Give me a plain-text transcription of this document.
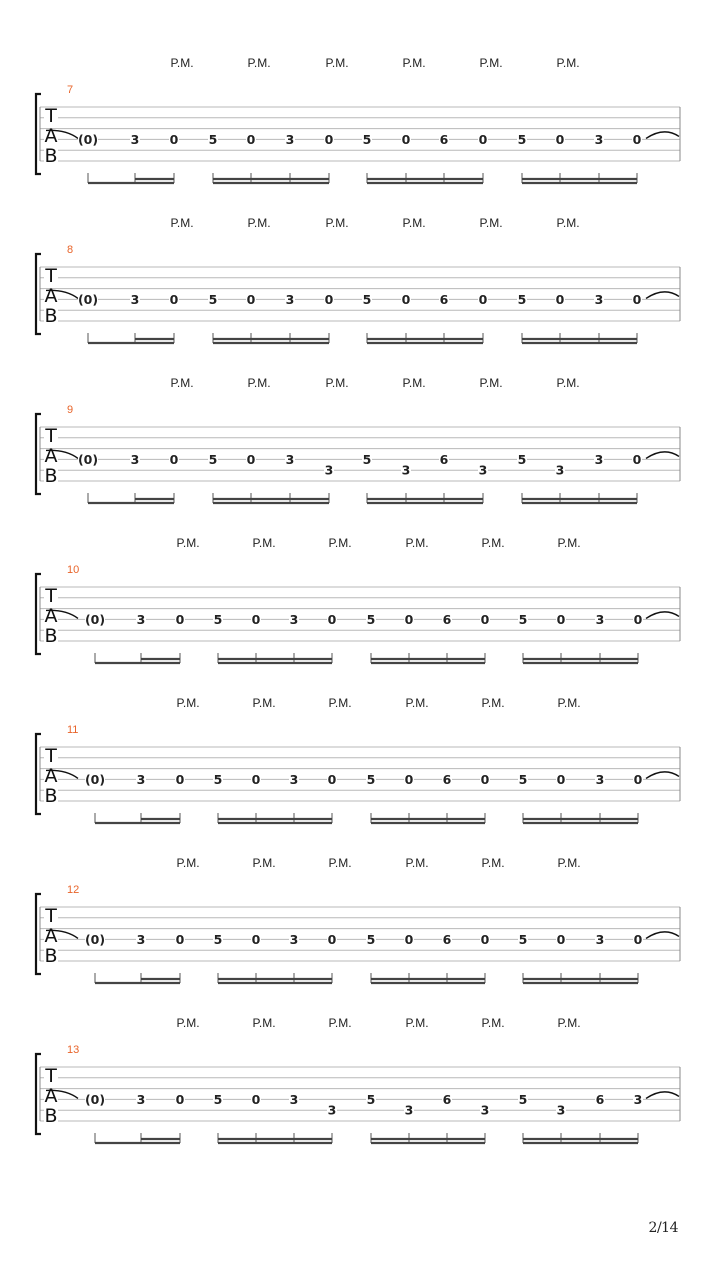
P.M.	P.M.	P.M.	P.M.	P.M.	P.M.
7
T
A
B
(0)	3 0 5 0 3 0 5 0 6 0 5 0 3 0
P.M.	P.M.	P.M.	P.M.	P.M.	P.M.
8
T
A
B
(0)	3 0 5 0 3 0 5 0 6 0 5 0 3 0
P.M.	P.M.	P.M.	P.M.	P.M.	P.M.
9
T
A
B
(0)	3 0 5 0 3
3
5
3
6
3
5
3
3 0
P.M.	P.M.	P.M.	P.M.	P.M.	P.M.
10
T
A
B
(0)	3 0 5 0 3 0 5 0 6 0 5 0 3 0
P.M.	P.M.	P.M.	P.M.	P.M.	P.M.
11
T
A
B
(0)	3 0 5 0 3 0 5 0 6 0 5 0 3 0
P.M.	P.M.	P.M.	P.M.	P.M.	P.M.
12
T
A
B
(0)	3 0 5 0 3 0 5 0 6 0 5 0 3 0
P.M.	P.M.	P.M.	P.M.	P.M.	P.M.
13
T
A
B
(0)	3 0 5 0 3
3
5
3
6
3
5
3
6 3
2/14
